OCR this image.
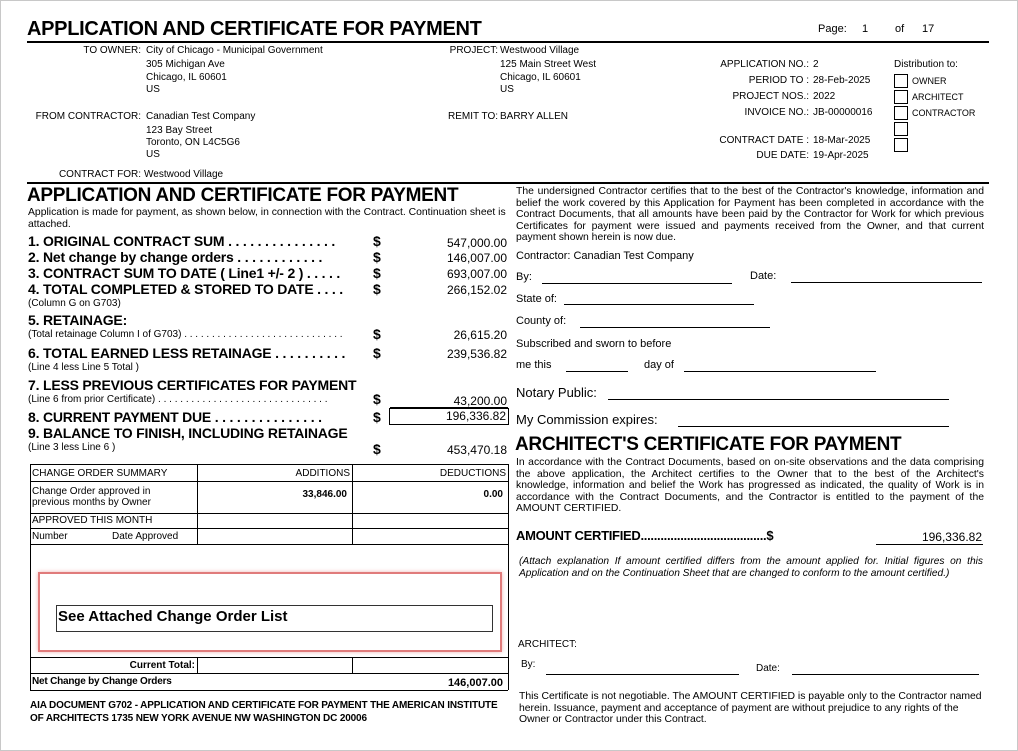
APPLICATION AND CERTIFICATE FOR PAYMENT	Page: 1 of 17
TO OWNER: City of Chicago - Municipal Government
305 Michigan Ave
Chicago, IL 60601
US
PROJECT: Westwood Village
125 Main Street West
Chicago, IL 60601
US
FROM CONTRACTOR: Canadian Test Company
123 Bay Street
Toronto, ON L4C5G6
US
REMIT TO: BARRY ALLEN
CONTRACT FOR: Westwood Village
APPLICATION NO.: 2
PERIOD TO : 28-Feb-2025
PROJECT NOS.: 2022
INVOICE NO.: JB-00000016
CONTRACT DATE : 18-Mar-2025
DUE DATE: 19-Apr-2025
Distribution to:
OWNER
ARCHITECT
CONTRACTOR
APPLICATION AND CERTIFICATE FOR PAYMENT
Application is made for payment, as shown below, in connection with the Contract. Continuation sheet is attached.
1. ORIGINAL CONTRACT SUM . . . . . . . . . . . . . . .	$	547,000.00
2. Net change by change orders . . . . . . . . . . . .	$	146,007.00
3. CONTRACT SUM TO DATE ( Line1 +/- 2 ) . . . . . $	693,007.00
4. TOTAL COMPLETED & STORED TO DATE . . . . $	266,152.02
(Column G on G703)
5. RETAINAGE:
(Total retainage Column I of G703) . . . . . . . . . . . . . . . . . . . . . . . . . . . . . $	26,615.20
6. TOTAL EARNED LESS RETAINAGE . . . . . . . . . . $	239,536.82
(Line 4 less Line 5 Total )
7. LESS PREVIOUS CERTIFICATES FOR PAYMENT
(Line 6 from prior Certificate) . . . . . . . . . . . . . . . . . . . . . . . . . . . . . . .	$	43,200.00
8. CURRENT PAYMENT DUE . . . . . . . . . . . . . . .	$	196,336.82
9. BALANCE TO FINISH, INCLUDING RETAINAGE
(Line 3 less Line 6 )	$	453,470.18
CHANGE ORDER SUMMARY	ADDITIONS	DEDUCTIONS
Change Order approved in previous months by Owner
33,846.00	0.00
APPROVED THIS MONTH
Number	Date Approved
See Attached Change Order List
Current Total:
Net Change by Change Orders	146,007.00
AIA DOCUMENT G702 - APPLICATION AND CERTIFICATE FOR PAYMENT THE AMERICAN INSTITUTE OF ARCHITECTS 1735 NEW YORK AVENUE NW WASHINGTON DC 20006
The undersigned Contractor certifies that to the best of the Contractor's knowledge, information and belief the work covered by this Application for Payment has been completed in accordance with the Contract Documents, that all amounts have been paid by the Contractor for Work for which previous Certificates for payment were issued and payments received from the Owner, and that current payment shown herein is now due.
Contractor: Canadian Test Company
By:	Date:
State of:
County of:
Subscribed and sworn to before
me this	day of
Notary Public:
My Commission expires:
ARCHITECT'S CERTIFICATE FOR PAYMENT
In accordance with the Contract Documents, based on on-site observations and the data comprising the above application, the Architect certifies to the Owner that to the best of the Architect's knowledge, information and belief the Work has progressed as indicated, the quality of Work is in accordance with the Contract Documents, and the Contractor is entitled to the payment of the AMOUNT CERTIFIED.
AMOUNT CERTIFIED......................................$	196,336.82
(Attach explanation If amount certified differs from the amount applied for. Initial figures on this Application and on the Continuation Sheet that are changed to conform to the amount certified.)
ARCHITECT:
By:	Date:
This Certificate is not negotiable. The AMOUNT CERTIFIED is payable only to the Contractor named herein. Issuance, payment and acceptance of payment are without prejudice to any rights of the Owner or Contractor under this Contract.
